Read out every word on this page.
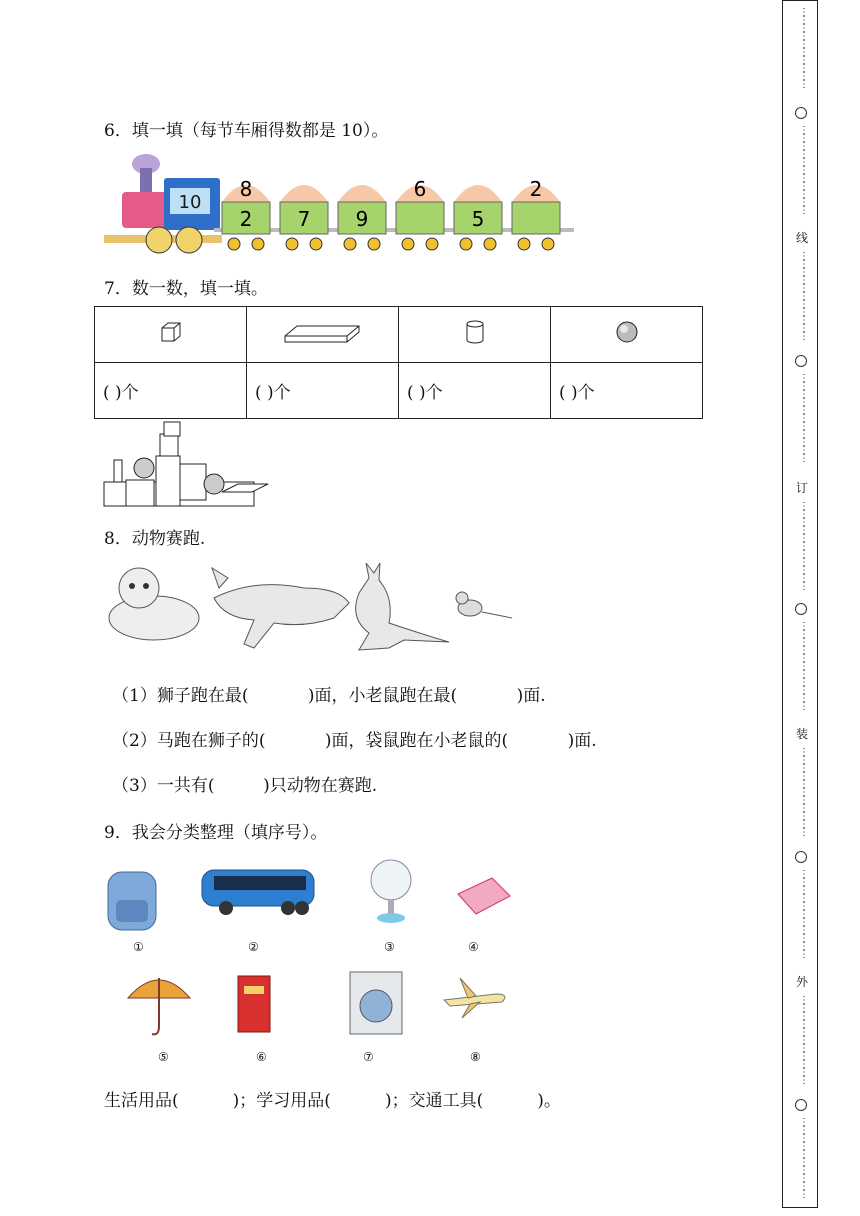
6．填一填（每节车厢得数都是 10）。
10
8
2 7 9
6
5
2
7．数一数，填一填。

( )个	( )个	( )个	( )个
8．动物赛跑.
（1）狮子跑在最(           )面，小老鼠跑在最(           )面.
（2）马跑在狮子的(           )面，袋鼠跑在小老鼠的(           )面.
（3）一共有(         )只动物在赛跑.
9．我会分类整理（填序号）。
①	②	③	④
⑤	⑥	⑦	⑧
生活用品(          )；学习用品(          )；交通工具(          )。
⋮
⋮
⋮
⋮
⋮
⋮
⋮
⋮
⋮
⋮
⋮
⋮
⋮
⋮
⋮
⋮
⋮
⋮
⋮
⋮
⋮
线
⋮
⋮
⋮
⋮
⋮
⋮
⋮
⋮
⋮
⋮
⋮
⋮
⋮
⋮
⋮
⋮
⋮
⋮
⋮
⋮
⋮
⋮
订
⋮
⋮
⋮
⋮
⋮
⋮
⋮
⋮
⋮
⋮
⋮
⋮
⋮
⋮
⋮
⋮
⋮
⋮
⋮
⋮
⋮
⋮
装
⋮
⋮
⋮
⋮
⋮
⋮
⋮
⋮
⋮
⋮
⋮
⋮
⋮
⋮
⋮
⋮
⋮
⋮
⋮
⋮
⋮
⋮
外
⋮
⋮
⋮
⋮
⋮
⋮
⋮
⋮
⋮
⋮
⋮
⋮
⋮
⋮
⋮
⋮
⋮
⋮
⋮
⋮
⋮
